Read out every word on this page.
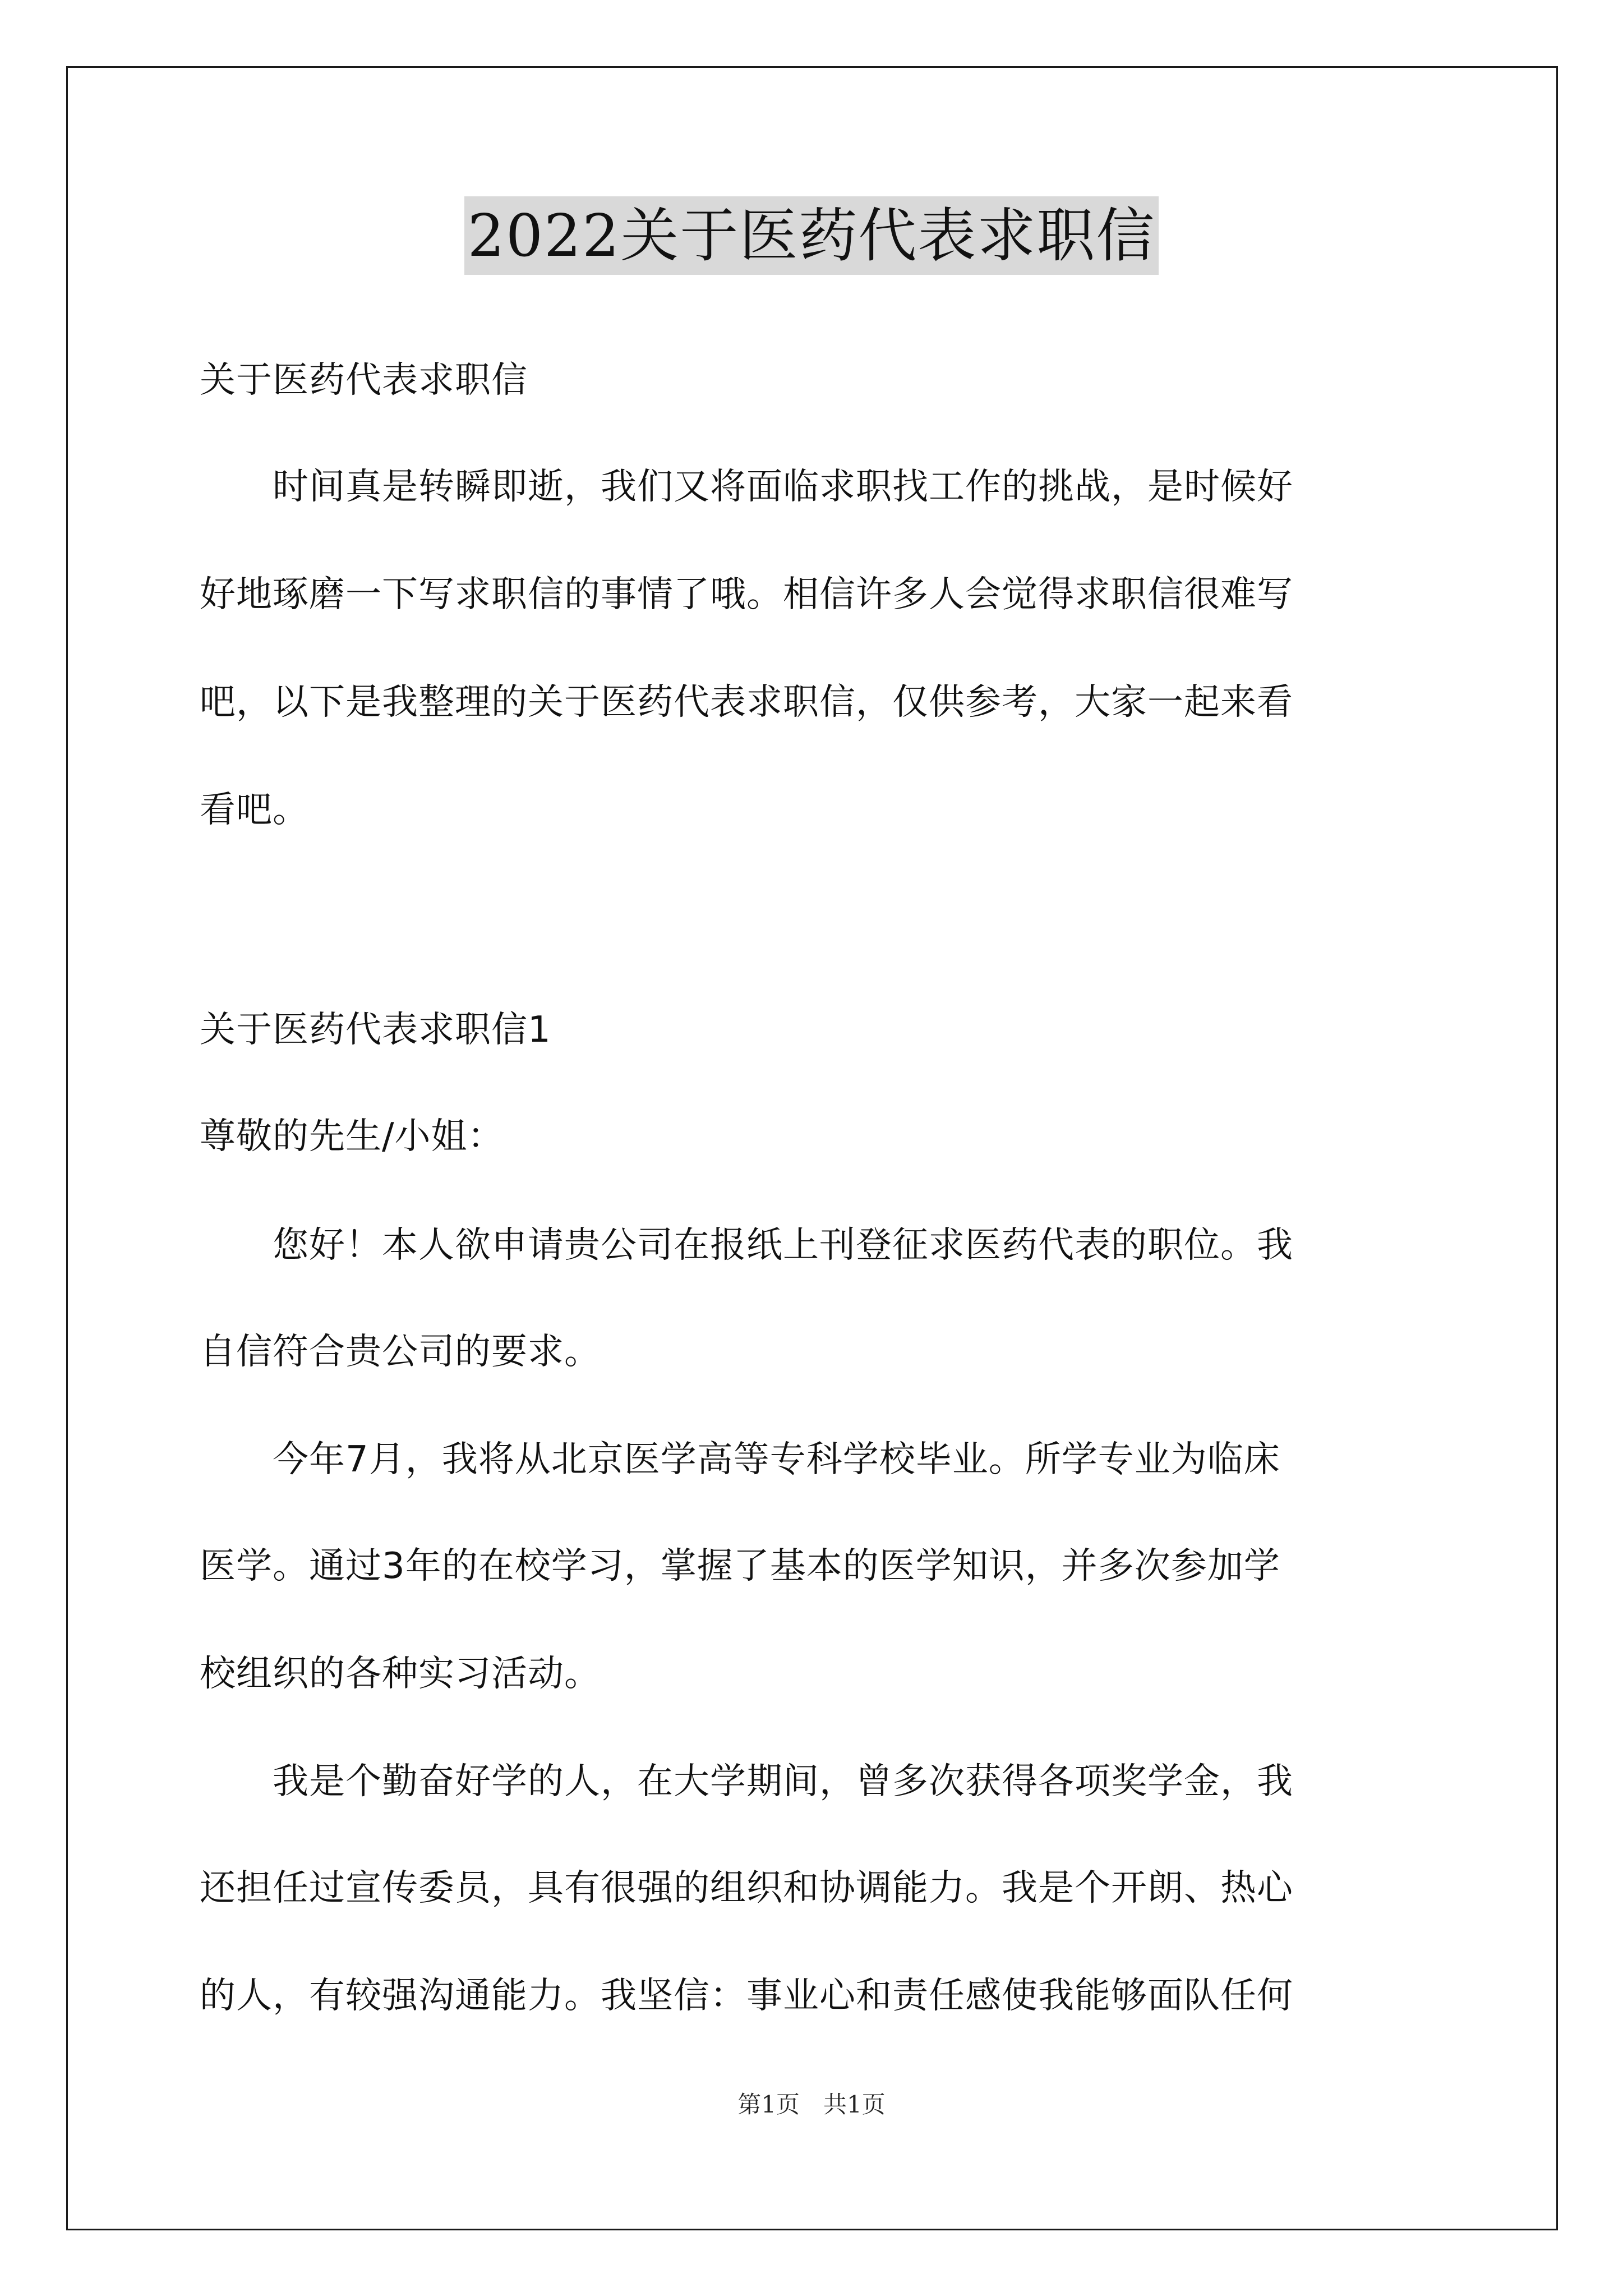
2022关于医药代表求职信
关于医药代表求职信
　　时间真是转瞬即逝，我们又将面临求职找工作的挑战，是时候好
好地琢磨一下写求职信的事情了哦。相信许多人会觉得求职信很难写
吧，以下是我整理的关于医药代表求职信，仅供参考，大家一起来看
看吧。
关于医药代表求职信1
尊敬的先生/小姐：
　　您好！本人欲申请贵公司在报纸上刊登征求医药代表的职位。我
自信符合贵公司的要求。
　　今年7月，我将从北京医学高等专科学校毕业。所学专业为临床
医学。通过3年的在校学习，掌握了基本的医学知识，并多次参加学
校组织的各种实习活动。
　　我是个勤奋好学的人，在大学期间，曾多次获得各项奖学金，我
还担任过宣传委员，具有很强的组织和协调能力。我是个开朗、热心
的人，有较强沟通能力。我坚信：事业心和责任感使我能够面队任何
第1页　共1页
